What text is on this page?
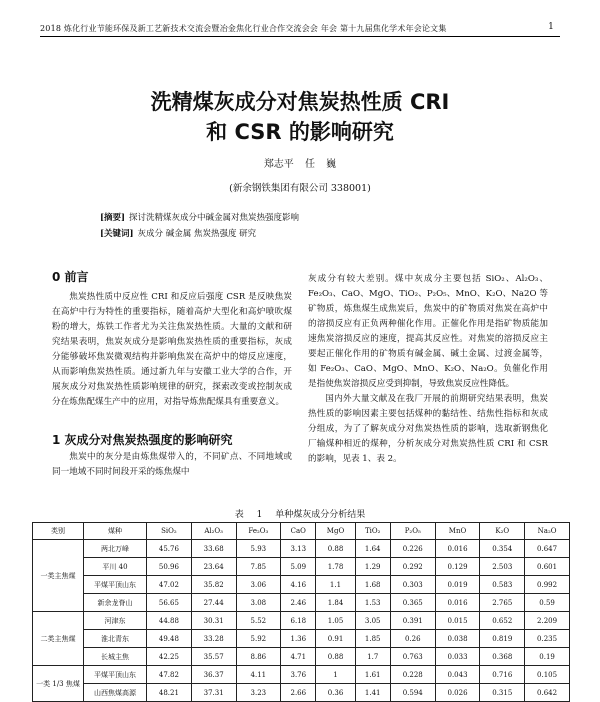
2018 炼化行业节能环保及新工艺新技术交流会暨冶金焦化行业合作交流会会 年会 第十九届焦化学术年会论文集	1
洗精煤灰成分对焦炭热性质 CRI
和 CSR 的影响研究
郑志平 任 巍
(新余钢铁集团有限公司 338001)
[摘要] 探讨洗精煤灰成分中碱金属对焦炭热强度影响
[关键词] 灰成分 碱金属 焦炭热强度 研究
0 前言

焦炭热性质中反应性 CRI 和反应后强度 CSR 是反映焦炭在高炉中行为特性的重要指标，随着高炉大型化和高炉喷吹煤粉的增大，炼铁工作者尤为关注焦炭热性质。大量的文献和研究结果表明，焦炭灰成分是影响焦炭热性质的重要指标，灰成分能够破坏焦炭微观结构并影响焦炭在高炉中的熔反应速度，从而影响焦炭热性质。通过新九年与安徽工业大学的合作，开展灰成分对焦炭热性质影响规律的研究，探索改变或控制灰成分在炼焦配煤生产中的应用，对指导炼焦配煤具有重要意义。

1 灰成分对焦炭热强度的影响研究

焦炭中的灰分是由炼焦煤带入的，不同矿点、不同地域或同一地域不同时间段开采的炼焦煤中

灰成分有较大差别。煤中灰成分主要包括 SiO₂、Al₂O₃、Fe₂O₃、CaO、MgO、TiO₂、P₂O₅、MnO、K₂O、Na2O 等矿物质，炼焦煤生成焦炭后，焦炭中的矿物质对焦炭在高炉中的溶损反应有正负两种催化作用。正催化作用是指矿物质能加速焦炭溶损反应的速度，提高其反应性。对焦炭的溶损反应主要起正催化作用的矿物质有碱金属、碱土金属、过渡金属等，如 Fe₂O₃、CaO、MgO、MnO、K₂O、Na₂O。负催化作用是指使焦炭溶损反应受到抑制，导致焦炭反应性降低。

国内外大量文献及在我厂开展的前期研究结果表明，焦炭热性质的影响因素主要包括煤种的黏结性、结焦性指标和灰成分组成，为了了解灰成分对焦炭热性质的影响，选取新钢焦化厂输煤种相近的煤种，分析灰成分对焦炭热性质 CRI 和 CSR 的影响，见表 1、表 2。

表 1 单种煤灰成分分析结果
类别	煤种	SiO₂	Al₂O₃	Fe₂O₃	CaO	MgO	TiO₂	P₂O₅	MnO	K₂O	Na₂O
一类主焦煤	两北万峰	45.76	33.68	5.93	3.13	0.88	1.64	0.226	0.016	0.354	0.647
	平川 40	50.96	23.64	7.85	5.09	1.78	1.29	0.292	0.129	2.503	0.601
	平煤平顶山东	47.02	35.82	3.06	4.16	1.1	1.68	0.303	0.019	0.583	0.992
	新余龙脊山	56.65	27.44	3.08	2.46	1.84	1.53	0.365	0.016	2.765	0.59
二类主焦煤	河津东	44.88	30.31	5.52	6.18	1.05	3.05	0.391	0.015	0.652	2.209
	淮北青东	49.48	33.28	5.92	1.36	0.91	1.85	0.26	0.038	0.819	0.235
	长城主焦	42.25	35.57	8.86	4.71	0.88	1.7	0.763	0.033	0.368	0.19
一类 1/3 焦煤	平煤平顶山东	47.82	36.37	4.11	3.76	1	1.61	0.228	0.043	0.716	0.105
	山西焦煤高源	48.21	37.31	3.23	2.66	0.36	1.41	0.594	0.026	0.315	0.642
